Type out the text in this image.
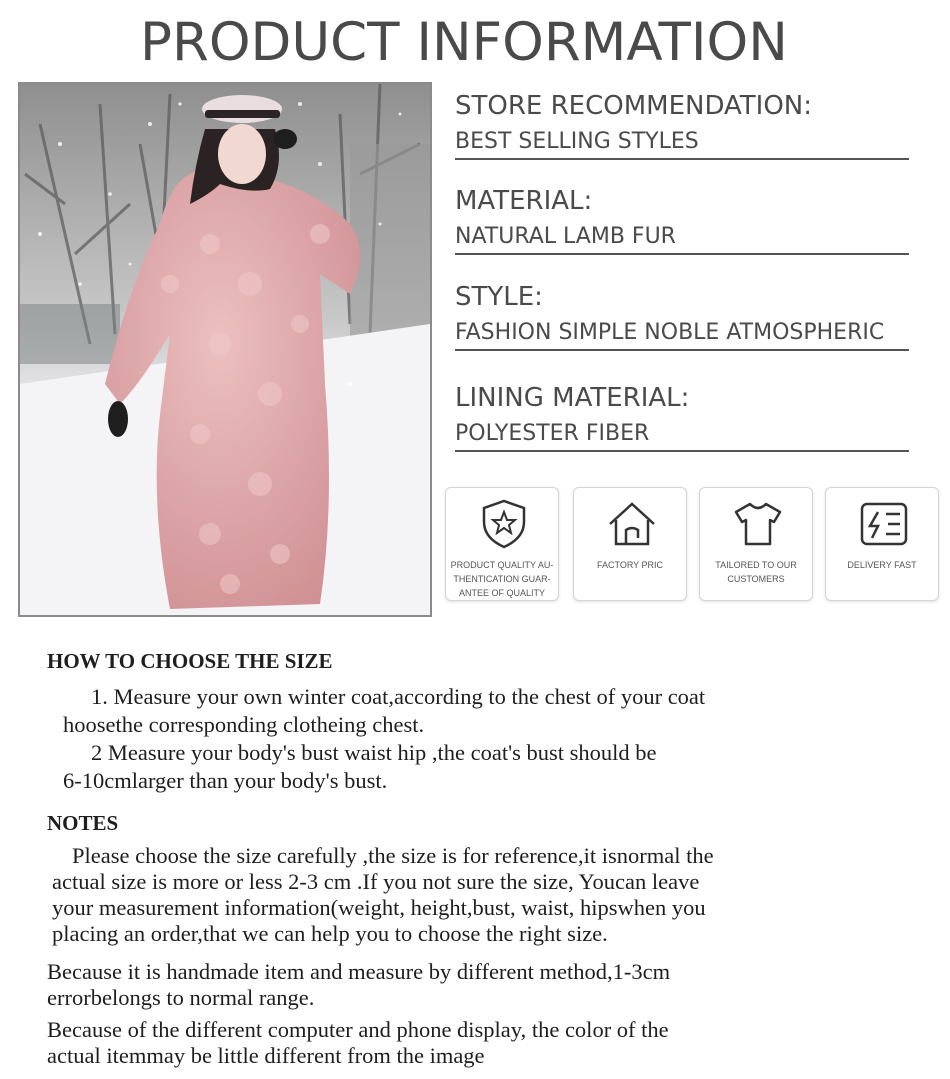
PRODUCT INFORMATION
STORE RECOMMENDATION:
BEST SELLING STYLES
MATERIAL:
NATURAL LAMB FUR
STYLE:
FASHION SIMPLE NOBLE ATMOSPHERIC
LINING MATERIAL:
POLYESTER FIBER
PRODUCT QUALITY AU-
THENTICATION GUAR-
ANTEE OF QUALITY
FACTORY PRIC	TAILORED TO OUR
CUSTOMERS
DELIVERY FAST
HOW TO CHOOSE THE SIZE
1. Measure your own winter coat,according to the chest of your coat
hoosethe corresponding clotheing chest.
2 Measure your body's bust waist hip ,the coat's bust should be
6-10cmlarger than your body's bust.
NOTES
Please choose the size carefully ,the size is for reference,it isnormal the
actual size is more or less 2-3 cm .If you not sure the size, Youcan leave
your measurement information(weight, height,bust, waist, hipswhen you
placing an order,that we can help you to choose the right size.
Because it is handmade item and measure by different method,1-3cm
errorbelongs to normal range.
Because of the different computer and phone display, the color of the
actual itemmay be little different from the image
